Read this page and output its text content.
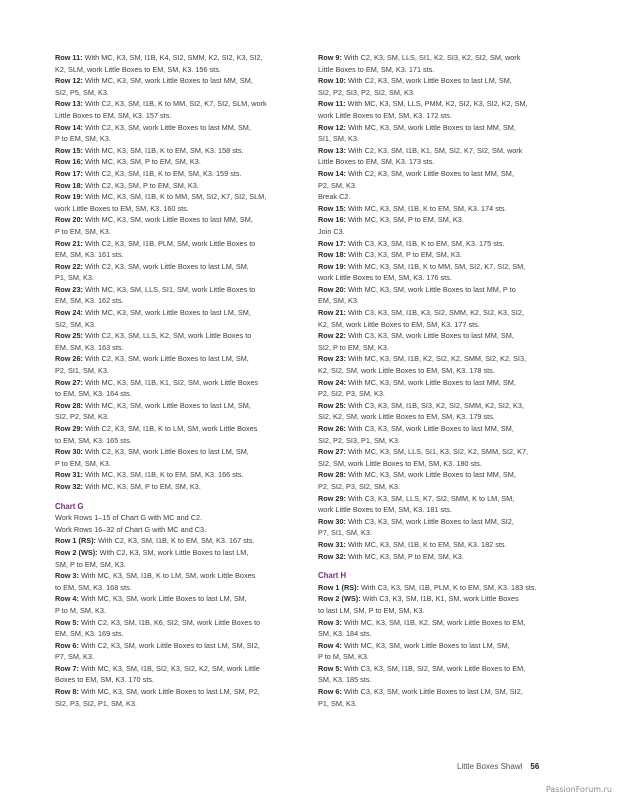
Row 11: With MC, K3, SM, I1B, K4, SI2, SMM, K2, SI2, K3, SI2,
K2, SLM, work Little Boxes to EM, SM, K3. 156 sts.
Row 12: With MC, K3, SM, work Little Boxes to last MM, SM,
SI2, P5, SM, K3.
Row 13: With C2, K3, SM, I1B, K to MM, SI2, K7, SI2, SLM, work
Little Boxes to EM, SM, K3. 157 sts.
Row 14: With C2, K3, SM, work Little Boxes to last MM, SM,
P to EM, SM, K3.
Row 15: With MC, K3, SM, I1B, K to EM, SM, K3. 158 sts.
Row 16: With MC, K3, SM, P to EM, SM, K3.
Row 17: With C2, K3, SM, I1B, K to EM, SM, K3. 159 sts.
Row 18: With C2, K3, SM, P to EM, SM, K3.
Row 19: With MC, K3, SM, I1B, K to MM, SM, SI2, K7, SI2, SLM,
work Little Boxes to EM, SM, K3. 160 sts.
Row 20: With MC, K3, SM, work Little Boxes to last MM, SM,
P to EM, SM, K3.
Row 21: With C2, K3, SM, I1B, PLM, SM, work Little Boxes to
EM, SM, K3. 161 sts.
Row 22: With C2, K3, SM, work Little Boxes to last LM, SM,
P1, SM, K3.
Row 23: With MC, K3, SM, LLS, SI1, SM, work Little Boxes to
EM, SM, K3. 162 sts.
Row 24: With MC, K3, SM, work Little Boxes to last LM, SM,
SI2, SM, K3.
Row 25: With C2, K3, SM, LLS, K2, SM, work Little Boxes to
EM, SM, K3. 163 sts.
Row 26: With C2, K3, SM, work Little Boxes to last LM, SM,
P2, SI1, SM, K3.
Row 27: With MC, K3, SM, I1B, K1, SI2, SM, work Little Boxes
to EM, SM, K3. 164 sts.
Row 28: With MC, K3, SM, work Little Boxes to last LM, SM,
SI2, P2, SM, K3.
Row 29: With C2, K3, SM, I1B, K to LM, SM, work Little Boxes
to EM, SM, K3. 165 sts.
Row 30: With C2, K3, SM, work Little Boxes to last LM, SM,
P to EM, SM, K3.
Row 31: With MC, K3, SM, I1B, K to EM, SM, K3. 166 sts.
Row 32: With MC, K3, SM, P to EM, SM, K3.
Chart G
Work Rows 1–15 of Chart G with MC and C2.
Work Rows 16–32 of Chart G with MC and C3.
Row 1 (RS): With C2, K3, SM, I1B, K to EM, SM, K3. 167 sts.
Row 2 (WS): With C2, K3, SM, work Little Boxes to last LM,
SM, P to EM, SM, K3.
Row 3: With MC, K3, SM, I1B, K to LM, SM, work Little Boxes
to EM, SM, K3. 168 sts.
Row 4: With MC, K3, SM, work Little Boxes to last LM, SM,
P to M, SM, K3.
Row 5: With C2, K3, SM, I1B, K6, SI2, SM, work Little Boxes to
EM, SM, K3. 169 sts.
Row 6: With C2, K3, SM, work Little Boxes to last LM, SM, SI2,
P7, SM, K3.
Row 7: With MC, K3, SM, I1B, SI2, K3, SI2, K2, SM, work Little
Boxes to EM, SM, K3. 170 sts.
Row 8: With MC, K3, SM, work Little Boxes to last LM, SM, P2,
SI2, P3, SI2, P1, SM, K3.
Row 9: With C2, K3, SM, LLS, SI1, K2, SI3, K2, SI2, SM, work
Little Boxes to EM, SM, K3. 171 sts.
Row 10: With C2, K3, SM, work Little Boxes to last LM, SM,
SI2, P2, SI3, P2, SI2, SM, K3.
Row 11: With MC, K3, SM, LLS, PMM, K2, SI2, K3, SI2, K2, SM,
work Little Boxes to EM, SM, K3. 172 sts.
Row 12: With MC, K3, SM, work Little Boxes to last MM, SM,
SI1, SM, K3.
Row 13: With C2, K3, SM, I1B, K1, SM, SI2, K7, SI2, SM, work
Little Boxes to EM, SM, K3. 173 sts.
Row 14: With C2, K3, SM, work Little Boxes to last MM, SM,
P2, SM, K3.
Break C2.
Row 15: With MC, K3, SM, I1B, K to EM, SM, K3. 174 sts.
Row 16: With MC, K3, SM, P to EM, SM, K3.
Join C3.
Row 17: With C3, K3, SM, I1B, K to EM, SM, K3. 175 sts.
Row 18: With C3, K3, SM, P to EM, SM, K3.
Row 19: With MC, K3, SM, I1B, K to MM, SM, SI2, K7, SI2, SM,
work Little Boxes to EM, SM, K3. 176 sts.
Row 20: With MC, K3, SM, work Little Boxes to last MM, P to
EM, SM, K3.
Row 21: With C3, K3, SM, I1B, K3, SI2, SMM, K2, SI2, K3, SI2,
K2, SM, work Little Boxes to EM, SM, K3. 177 sts.
Row 22: With C3, K3, SM, work Little Boxes to last MM, SM,
SI2, P to EM, SM, K3.
Row 23: With MC, K3, SM, I1B, K2, SI2, K2, SMM, SI2, K2, SI3,
K2, SI2, SM, work Little Boxes to EM, SM, K3. 178 sts.
Row 24: With MC, K3, SM, work Little Boxes to last MM, SM,
P2, SI2, P3, SM, K3.
Row 25: With C3, K3, SM, I1B, SI3, K2, SI2, SMM, K2, SI2, K3,
SI2, K2, SM, work Little Boxes to EM, SM, K3. 179 sts.
Row 26: With C3, K3, SM, work Little Boxes to last MM, SM,
SI2, P2, SI3, P1, SM, K3.
Row 27: With MC, K3, SM, LLS, SI1, K3, SI2, K2, SMM, SI2, K7,
SI2, SM, work Little Boxes to EM, SM, K3. 180 sts.
Row 28: With MC, K3, SM, work Little Boxes to last MM, SM,
P2, SI2, P3, SI2, SM, K3.
Row 29: With C3, K3, SM, LLS, K7, SI2, SMM, K to LM, SM,
work Little Boxes to EM, SM, K3. 181 sts.
Row 30: With C3, K3, SM, work Little Boxes to last MM, SI2,
P7, SI1, SM, K3.
Row 31: With MC, K3, SM, I1B, K to EM, SM, K3. 182 sts.
Row 32: With MC, K3, SM, P to EM, SM, K3.
Chart H
Row 1 (RS): With C3, K3, SM, I1B, PLM, K to EM, SM, K3. 183 sts.
Row 2 (WS): With C3, K3, SM, I1B, K1, SM, work Little Boxes
to last LM, SM, P to EM, SM, K3.
Row 3: With MC, K3, SM, I1B, K2, SM, work Little Boxes to EM,
SM, K3. 184 sts.
Row 4: With MC, K3, SM, work Little Boxes to last LM, SM,
P to M, SM, K3.
Row 5: With C3, K3, SM, I1B, SI2, SM, work Little Boxes to EM,
SM, K3. 185 sts.
Row 6: With C3, K3, SM, work Little Boxes to last LM, SM, SI2,
P1, SM, K3.
Little Boxes Shawl 56
PassionForum.ru
